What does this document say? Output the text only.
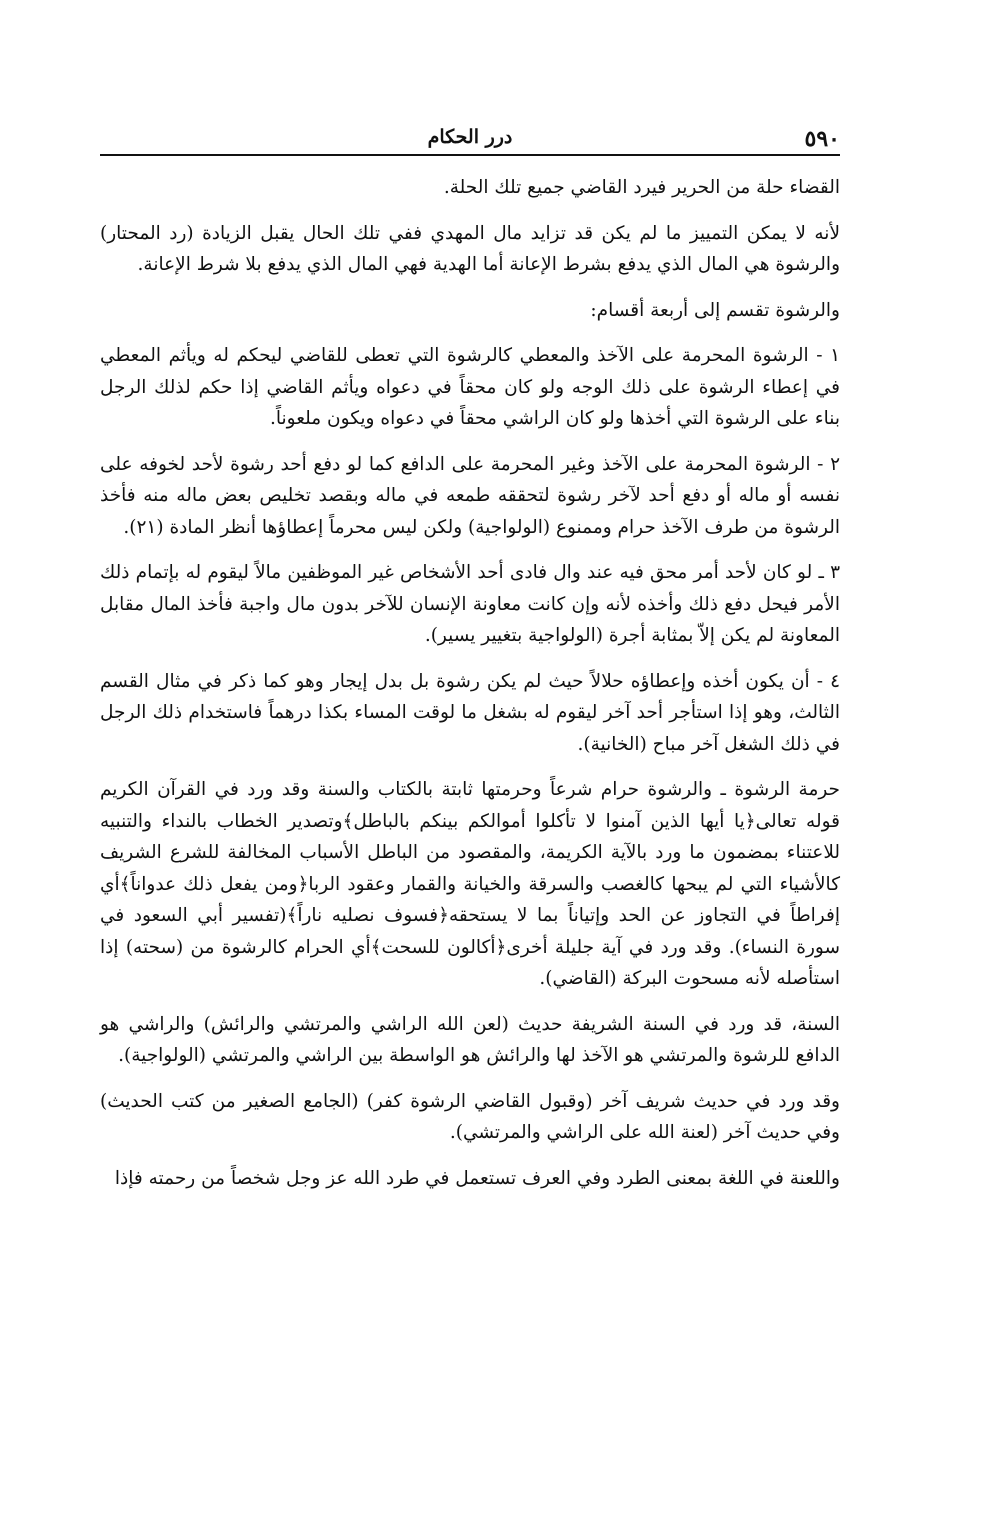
٥٩٠
درر الحكام

القضاء حلة من الحرير فيرد القاضي جميع تلك الحلة.

لأنه لا يمكن التمييز ما لم يكن قد تزايد مال المهدي ففي تلك الحال يقبل الزيادة (رد المحتار) والرشوة هي المال الذي يدفع بشرط الإعانة أما الهدية فهي المال الذي يدفع بلا شرط الإعانة.

والرشوة تقسم إلى أربعة أقسام:

١ - الرشوة المحرمة على الآخذ والمعطي كالرشوة التي تعطى للقاضي ليحكم له ويأثم المعطي في إعطاء الرشوة على ذلك الوجه ولو كان محقاً في دعواه ويأثم القاضي إذا حكم لذلك الرجل بناء على الرشوة التي أخذها ولو كان الراشي محقاً في دعواه ويكون ملعوناً.

٢ - الرشوة المحرمة على الآخذ وغير المحرمة على الدافع كما لو دفع أحد رشوة لأحد لخوفه على نفسه أو ماله أو دفع أحد لآخر رشوة لتحققه طمعه في ماله وبقصد تخليص بعض ماله منه فأخذ الرشوة من طرف الآخذ حرام وممنوع (الولواجية) ولكن ليس محرماً إعطاؤها أنظر المادة (٢١).

٣ ـ لو كان لأحد أمر محق فيه عند وال فادى أحد الأشخاص غير الموظفين مالاً ليقوم له بإتمام ذلك الأمر فيحل دفع ذلك وأخذه لأنه وإن كانت معاونة الإنسان للآخر بدون مال واجبة فأخذ المال مقابل المعاونة لم يكن إلاّ بمثابة أجرة (الولواجية بتغيير يسير).

٤ - أن يكون أخذه وإعطاؤه حلالاً حيث لم يكن رشوة بل بدل إيجار وهو كما ذكر في مثال القسم الثالث، وهو إذا استأجر أحد آخر ليقوم له بشغل ما لوقت المساء بكذا درهماً فاستخدام ذلك الرجل في ذلك الشغل آخر مباح (الخانية).

حرمة الرشوة ـ والرشوة حرام شرعاً وحرمتها ثابتة بالكتاب والسنة وقد ورد في القرآن الكريم قوله تعالى﴿يا أيها الذين آمنوا لا تأكلوا أموالكم بينكم بالباطل﴾وتصدير الخطاب بالنداء والتنبيه للاعتناء بمضمون ما ورد بالآية الكريمة، والمقصود من الباطل الأسباب المخالفة للشرع الشريف كالأشياء التي لم يبحها كالغصب والسرقة والخيانة والقمار وعقود الربا﴿ومن يفعل ذلك عدواناً﴾أي إفراطاً في التجاوز عن الحد وإتياناً بما لا يستحقه﴿فسوف نصليه ناراً﴾(تفسير أبي السعود في سورة النساء). وقد ورد في آية جليلة أخرى﴿أكالون للسحت﴾أي الحرام كالرشوة من (سحته) إذا استأصله لأنه مسحوت البركة (القاضي).

السنة، قد ورد في السنة الشريفة حديث (لعن الله الراشي والمرتشي والرائش) والراشي هو الدافع للرشوة والمرتشي هو الآخذ لها والرائش هو الواسطة بين الراشي والمرتشي (الولواجية).

وقد ورد في حديث شريف آخر (وقبول القاضي الرشوة كفر) (الجامع الصغير من كتب الحديث) وفي حديث آخر (لعنة الله على الراشي والمرتشي).

واللعنة في اللغة بمعنى الطرد وفي العرف تستعمل في طرد الله عز وجل شخصاً من رحمته فإذا
